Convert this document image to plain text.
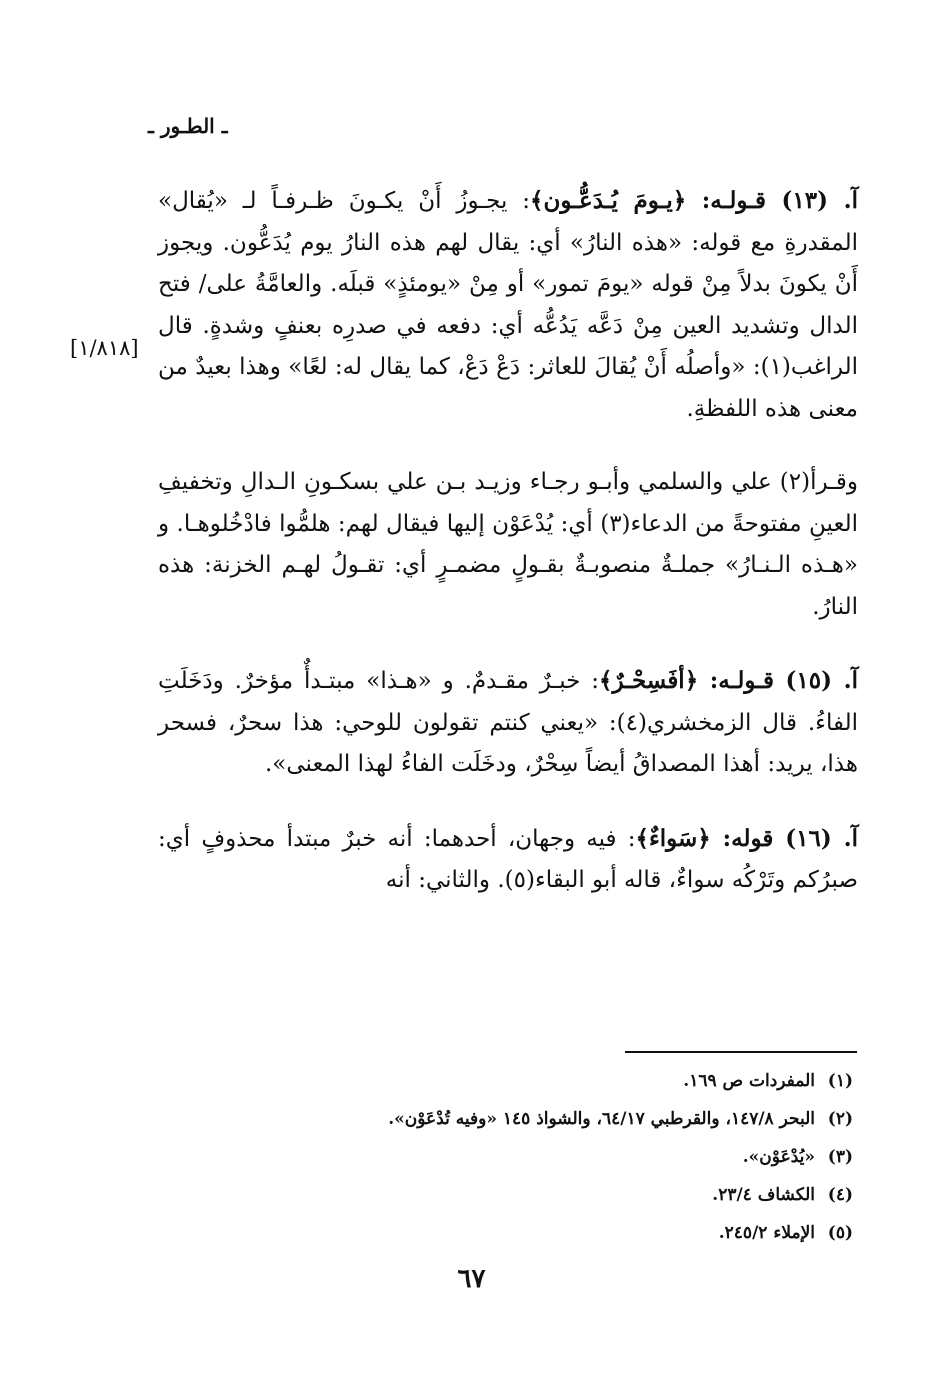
ـ الطـور ـ
[١/٨١٨]

آ. (١٣) قـولـه: ﴿يـومَ يُـدَعُّـون﴾: يجـوزُ أَنْ يكـونَ ظـرفـاً لـ «يُقال» المقدرةِ مع قوله: «هذه النارُ» أي: يقال لهم هذه النارُ يوم يُدَعُّون. ويجوز أَنْ يكونَ بدلاً مِنْ قوله «يومَ تمور» أو مِنْ «يومئذٍ» قبلَه. والعامَّةُ على/ فتح الدال وتشديد العين مِنْ دَعَّه يَدُعُّه أي: دفعه في صدرِه بعنفٍ وشدةٍ. قال الراغب(١): «وأصلُه أَنْ يُقالَ للعاثر: دَعْ دَعْ، كما يقال له: لعًا» وهذا بعيدٌ من معنى هذه اللفظةِ.

وقـرأ(٢) علي والسلمي وأبـو رجـاء وزيـد بـن علي بسكـونِ الـدالِ وتخفيفِ العينِ مفتوحةً من الدعاء(٣) أي: يُدْعَوْن إليها فيقال لهم: هلمُّوا فادْخُلوهـا. و «هـذه الـنـارُ» جملـةٌ منصوبـةٌ بقـولٍ مضمـرٍ أي: تقـولُ لهـم الخزنة: هذه النارُ.

آ. (١٥) قـولـه: ﴿أفَسِحْـرٌ﴾: خبـرٌ مقـدمٌ. و «هـذا» مبتـدأٌ مؤخرٌ. ودَخَلَتِ الفاءُ. قال الزمخشري(٤): «يعني كنتم تقولون للوحي: هذا سحرٌ، فسحر هذا، يريد: أهذا المصداقُ أيضاً سِحْرٌ، ودخَلَت الفاءُ لهذا المعنى».

آ. (١٦) قوله: ﴿سَواءٌ﴾: فيه وجهان، أحدهما: أنه خبرٌ مبتدأ محذوفٍ أي: صبرُكم وتَرْكُه سواءٌ، قاله أبو البقاء(٥). والثاني: أنه

(١)المفردات ص ١٦٩.
(٢)البحر ١٤٧/٨، والقرطبي ٦٤/١٧، والشواذ ١٤٥ «وفيه تُدْعَوْن».
(٣)«يُدْعَوْن».
(٤)الكشاف ٢٣/٤.
(٥)الإملاء ٢٤٥/٢.
٦٧
